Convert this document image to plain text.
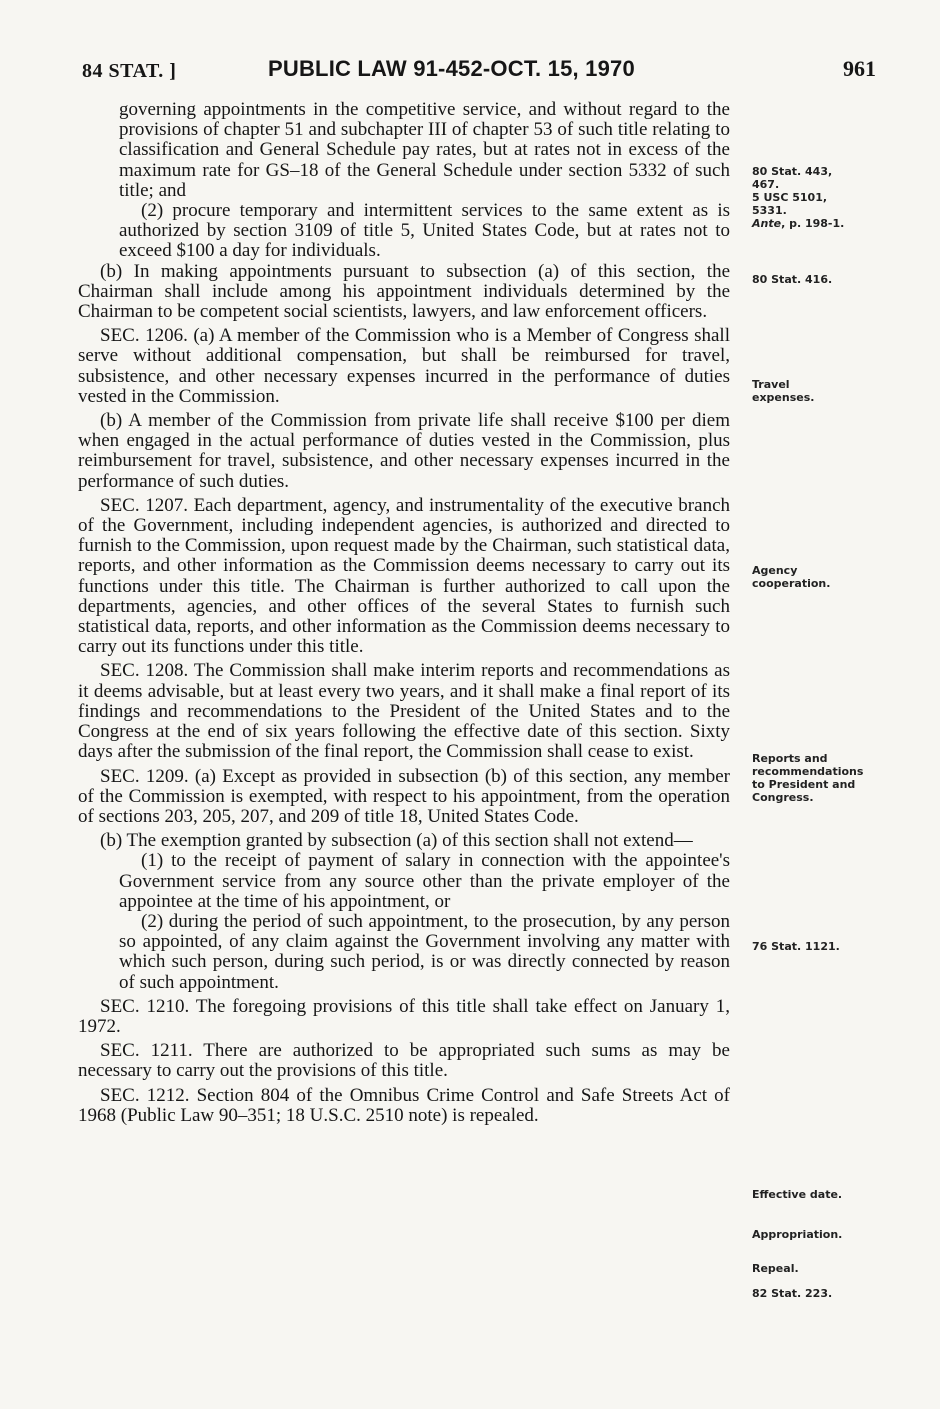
84 STAT. ]	PUBLIC LAW 91-452-OCT. 15, 1970	961

governing appointments in the competitive service, and without regard to the provisions of chapter 51 and subchapter III of chapter 53 of such title relating to classification and General Schedule pay rates, but at rates not in excess of the maximum rate for GS–18 of the General Schedule under section 5332 of such title; and

(2) procure temporary and intermittent services to the same extent as is authorized by section 3109 of title 5, United States Code, but at rates not to exceed $100 a day for individuals.

(b) In making appointments pursuant to subsection (a) of this section, the Chairman shall include among his appointment individuals determined by the Chairman to be competent social scientists, lawyers, and law enforcement officers.

SEC. 1206. (a) A member of the Commission who is a Member of Congress shall serve without additional compensation, but shall be reimbursed for travel, subsistence, and other necessary expenses incurred in the performance of duties vested in the Commission.

(b) A member of the Commission from private life shall receive $100 per diem when engaged in the actual performance of duties vested in the Commission, plus reimbursement for travel, subsistence, and other necessary expenses incurred in the performance of such duties.

SEC. 1207. Each department, agency, and instrumentality of the executive branch of the Government, including independent agencies, is authorized and directed to furnish to the Commission, upon request made by the Chairman, such statistical data, reports, and other information as the Commission deems necessary to carry out its functions under this title. The Chairman is further authorized to call upon the departments, agencies, and other offices of the several States to furnish such statistical data, reports, and other information as the Commission deems necessary to carry out its functions under this title.

SEC. 1208. The Commission shall make interim reports and recommendations as it deems advisable, but at least every two years, and it shall make a final report of its findings and recommendations to the President of the United States and to the Congress at the end of six years following the effective date of this section. Sixty days after the submission of the final report, the Commission shall cease to exist.

SEC. 1209. (a) Except as provided in subsection (b) of this section, any member of the Commission is exempted, with respect to his appointment, from the operation of sections 203, 205, 207, and 209 of title 18, United States Code.

(b) The exemption granted by subsection (a) of this section shall not extend—

(1) to the receipt of payment of salary in connection with the appointee's Government service from any source other than the private employer of the appointee at the time of his appointment, or

(2) during the period of such appointment, to the prosecution, by any person so appointed, of any claim against the Government involving any matter with which such person, during such period, is or was directly connected by reason of such appointment.

SEC. 1210. The foregoing provisions of this title shall take effect on January 1, 1972.

SEC. 1211. There are authorized to be appropriated such sums as may be necessary to carry out the provisions of this title.

SEC. 1212. Section 804 of the Omnibus Crime Control and Safe Streets Act of 1968 (Public Law 90–351; 18 U.S.C. 2510 note) is repealed.

80 Stat. 443,
467.
5 USC 5101,
5331.
Ante, p. 198-1.

80 Stat. 416.
Travel
expenses.
Agency
cooperation.
Reports and
recommendations
to President and
Congress.
76 Stat. 1121.
Effective date.
Appropriation.
Repeal.
82 Stat. 223.
